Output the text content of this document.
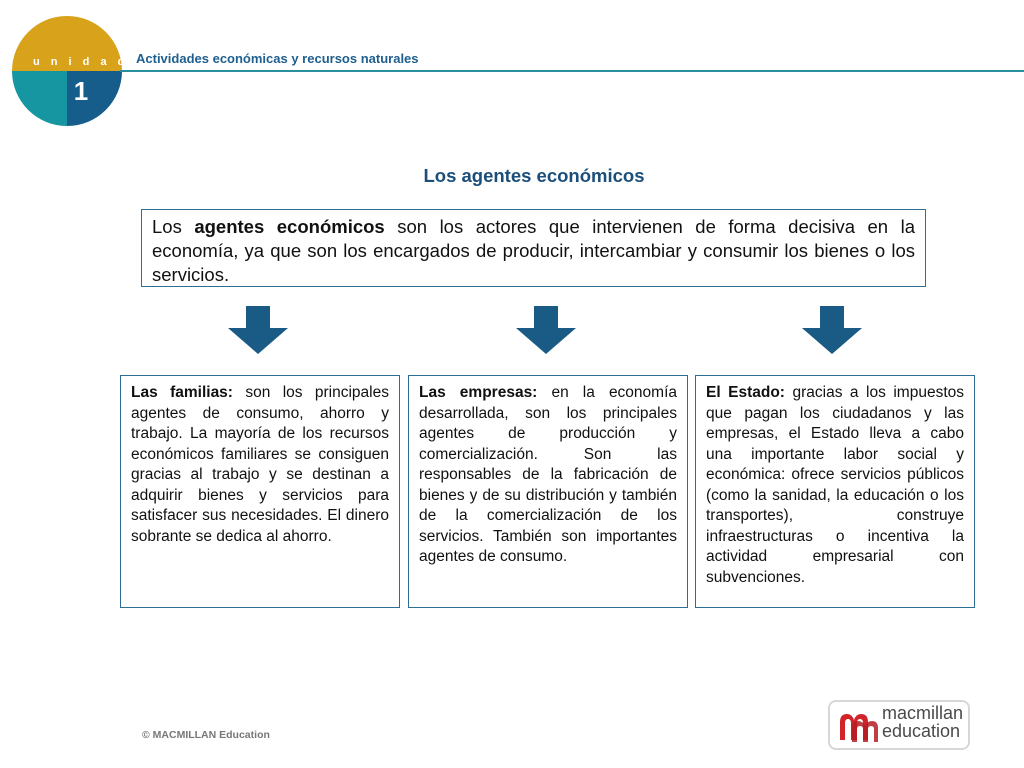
u n i d a d
1
Actividades económicas y recursos naturales
Los agentes económicos
Los agentes económicos son los actores que intervienen de forma decisiva en la economía, ya que son los encargados de producir, intercambiar y consumir los bienes o los servicios.
Las familias: son los principales agentes de consumo, ahorro y trabajo. La mayoría de los recursos económicos familiares se consiguen gracias al trabajo y se destinan a adquirir bienes y servicios para satisfacer sus necesidades. El dinero sobrante se dedica al ahorro.
Las empresas: en la economía desarrollada, son los principales agentes de producción y comercialización. Son las responsables de la fabricación de bienes y de su distribución y también de la comercialización de los servicios. También son importantes agentes de consumo.
El Estado: gracias a los impuestos que pagan los ciudadanos y las empresas, el Estado lleva a cabo una importante labor social y económica: ofrece servicios públicos (como la sanidad, la educación o los transportes), construye infraestructuras o incentiva la actividad empresarial con subvenciones.
© MACMILLAN Education
macmillan
education
